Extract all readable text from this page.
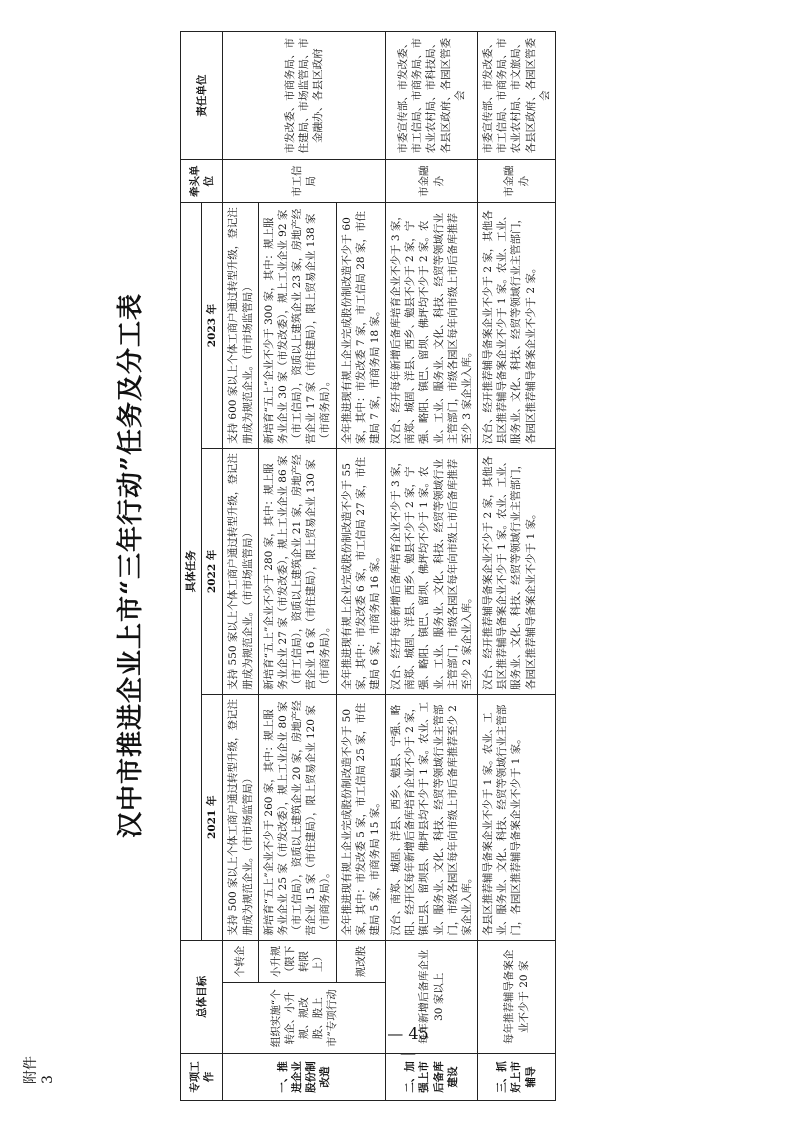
附件 3
— 45 —
汉中市推进企业上市“三年行动”任务及分工表
专项工作	总体目标		具体任务			牵头单位	责任单位
			2021 年	2022 年	2023 年		
一、推进企业股份制改造	组织实施“个转企、小升规、规改股、股上市”专项行动	个转企	支持 500 家以上个体工商户通过转型升级，登记注册成为规范企业。（市市场监管局）	支持 550 家以上个体工商户通过转型升级，登记注册成为规范企业。（市市场监管局）	支持 600 家以上个体工商户通过转型升级，登记注册成为规范企业。（市市场监管局）	市工信局	市发改委、市商务局、市住建局、市场监管局、市金融办、各县区政府
		小升规（限下转限上）	新培育“五上”企业不少于 260 家，其中：规上服务业企业 25 家（市发改委），规上工业企业 80 家（市工信局），资质以上建筑企业 20 家，房地产经营企业 15 家（市住建局），限上贸易企业 120 家（市商务局）。	新培育“五上”企业不少于 280 家，其中：规上服务业企业 27 家（市发改委），规上工业企业 86 家（市工信局），资质以上建筑企业 21 家，房地产经营企业 16 家（市住建局），限上贸易企业 130 家（市商务局）。	新培育“五上”企业不少于 300 家，其中：规上服务业企业 30 家（市发改委），规上工业企业 92 家（市工信局），资质以上建筑企业 23 家，房地产经营企业 17 家（市住建局），限上贸易企业 138 家（市商务局）。		
		规改股	全年推进现有规上企业完成股份制改造不少于 50 家，其中：市发改委 5 家，市工信局 25 家，市住建局 5 家，市商务局 15 家。	全年推进现有规上企业完成股份制改造不少于 55 家，其中：市发改委 6 家，市工信局 27 家，市住建局 6 家，市商务局 16 家。	全年推进现有规上企业完成股份制改造不少于 60 家，其中：市发改委 7 家，市工信局 28 家，市住建局 7 家，市商务局 18 家。		
二、加强上市后备库建设	每年新增后备库企业 30 家以上		汉台、南郑、城固、洋县、西乡、勉县、宁强、略阳、经开区每年新增后备库培育企业不少于 2 家，镇巴县、留坝县、佛坪县均不少于 1 家。农业、工业、服务业、文化、科技、经贸等领域行业主管部门，市级各园区每年向市级上市后备库推荐至少 2 家企业入库。	汉台、经开每年新增后备库培育企业不少于 3 家，南郑、城固、洋县、西乡、勉县不少于 2 家，宁强、略阳、镇巴、留坝、佛坪均不少于 1 家。农业、工业、服务业、文化、科技、经贸等领域行业主管部门，市级各园区每年向市级上市后备库推荐至少 2 家企业入库。	汉台、经开每年新增后备库培育企业不少于 3 家，南郑、城固、洋县、西乡、勉县不少于 2 家，宁强、略阳、镇巴、留坝、佛坪均不少于 2 家。农业、工业、服务业、文化、科技、经贸等领域行业主管部门，市级各园区每年向市级上市后备库推荐至少 3 家企业入库。	市金融办	市委宣传部、市发改委、市工信局、市商务局、市农业农村局、市科技局、各县区政府、各园区管委会
三、抓好上市辅导	每年推荐辅导备案企业不少于 20 家		各县区推荐辅导备案企业不少于 1 家。农业、工业、服务业、文化、科技、经贸等领域行业主管部门，各园区推荐辅导备案企业不少于 1 家。	汉台、经开推荐辅导备案企业不少于 2 家，其他各县区推荐辅导备案企业不少于 1 家。农业、工业、服务业、文化、科技、经贸等领域行业主管部门，各园区推荐辅导备案企业不少于 1 家。	汉台、经开推荐辅导备案企业不少于 2 家，其他各县区推荐辅导备案企业不少于 1 家。农业、工业、服务业、文化、科技、经贸等领域行业主管部门，各园区推荐辅导备案企业不少于 2 家。	市金融办	市委宣传部、市发改委、市工信局、市商务局、市农业农村局、市文旅局、各县区政府、各园区管委会
